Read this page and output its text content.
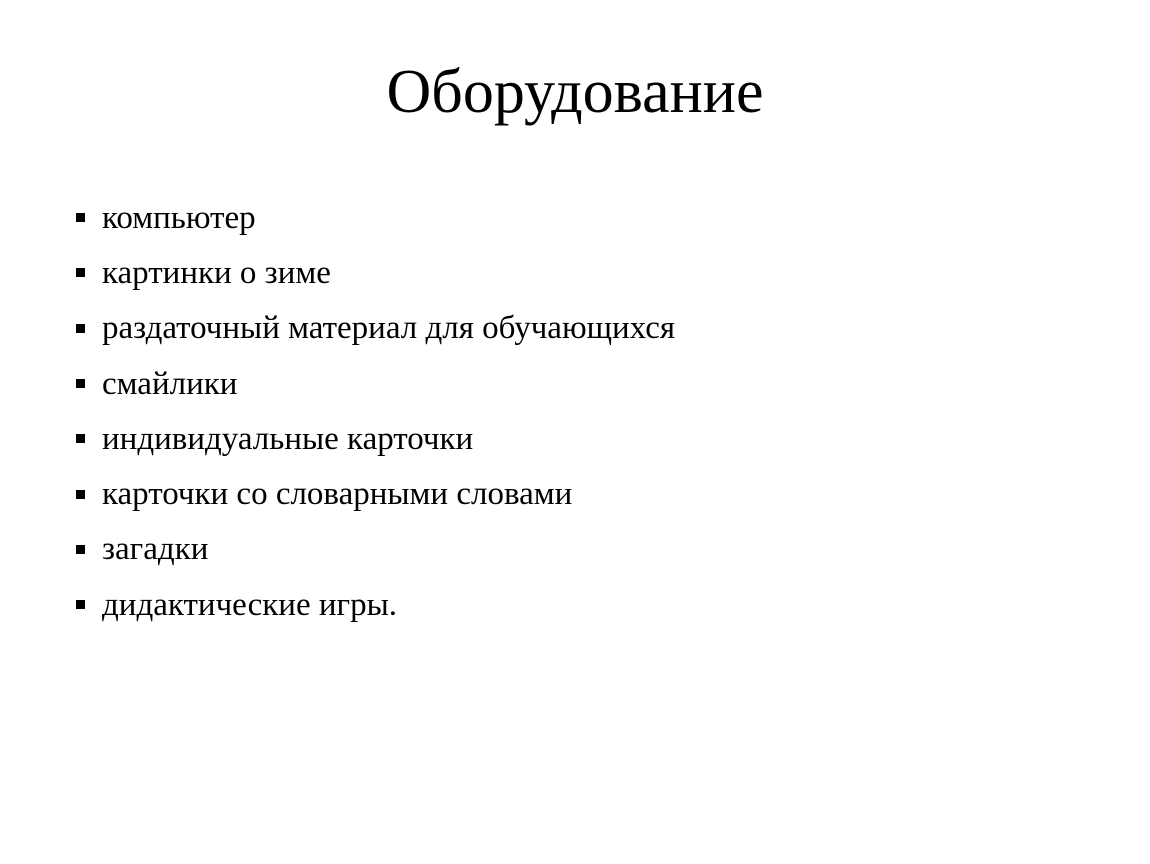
Оборудование
компьютер
картинки о зиме
раздаточный материал для обучающихся
смайлики
индивидуальные карточки
карточки со словарными словами
загадки
дидактические игры.
